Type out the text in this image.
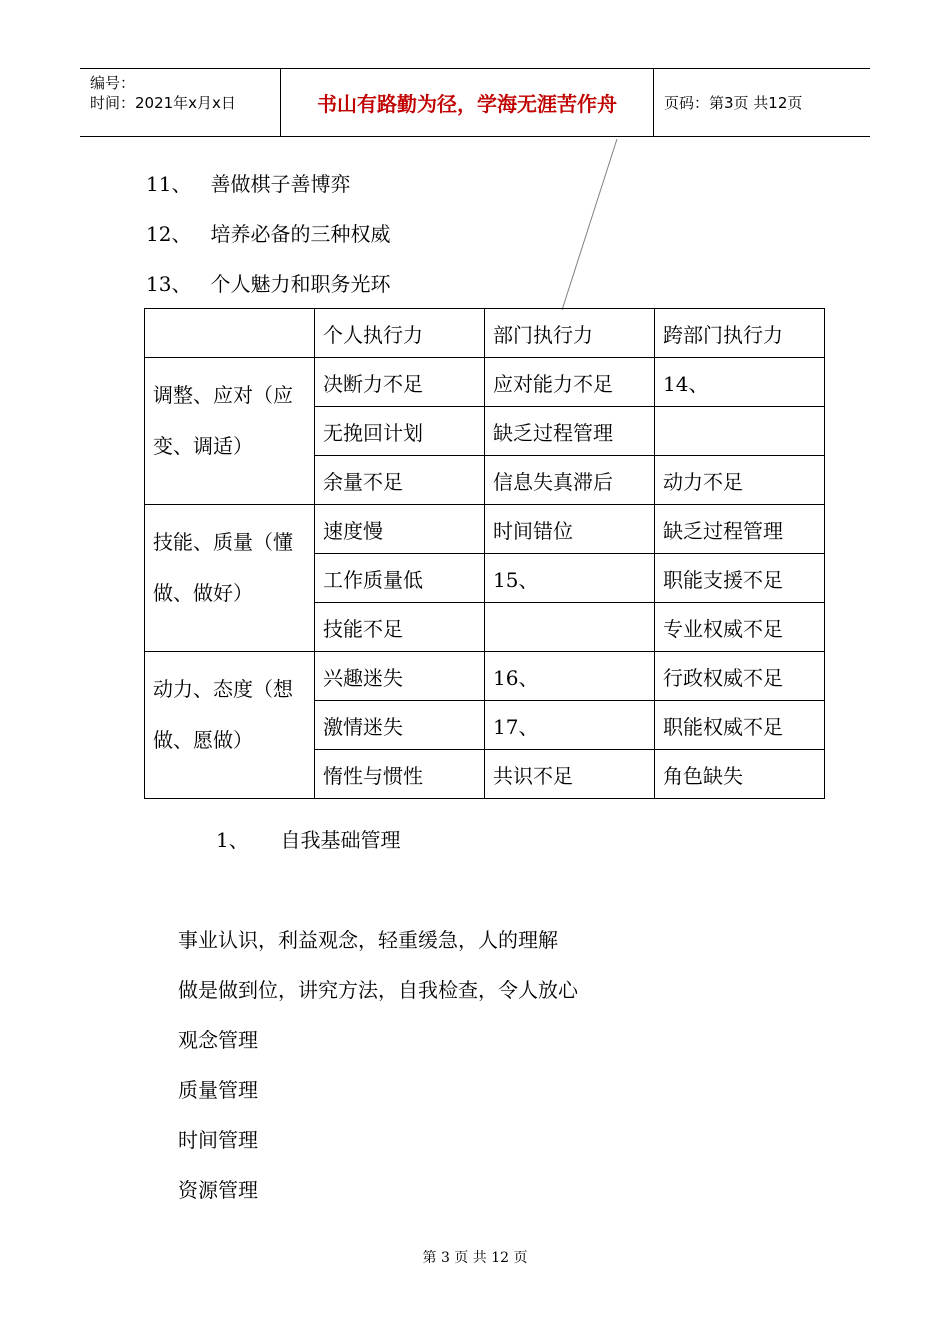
编号：
时间：2021年x月x日	书山有路勤为径，学海无涯苦作舟	页码：第3页 共12页
11、 善做棋子善博弈
12、 培养必备的三种权威
13、 个人魅力和职务光环
	个人执行力	部门执行力	跨部门执行力
调整、应对（应变、调适）	决断力不足	应对能力不足	14、
	无挽回计划	缺乏过程管理	
	余量不足	信息失真滞后	动力不足
技能、质量（懂做、做好）	速度慢	时间错位	缺乏过程管理
	工作质量低	15、	职能支援不足
	技能不足		专业权威不足
动力、态度（想做、愿做）	兴趣迷失	16、	行政权威不足
	激情迷失	17、	职能权威不足
	惰性与惯性	共识不足	角色缺失
1、 自我基础管理
事业认识，利益观念，轻重缓急，人的理解
做是做到位，讲究方法，自我检查，令人放心
观念管理
质量管理
时间管理
资源管理
第 3 页 共 12 页
